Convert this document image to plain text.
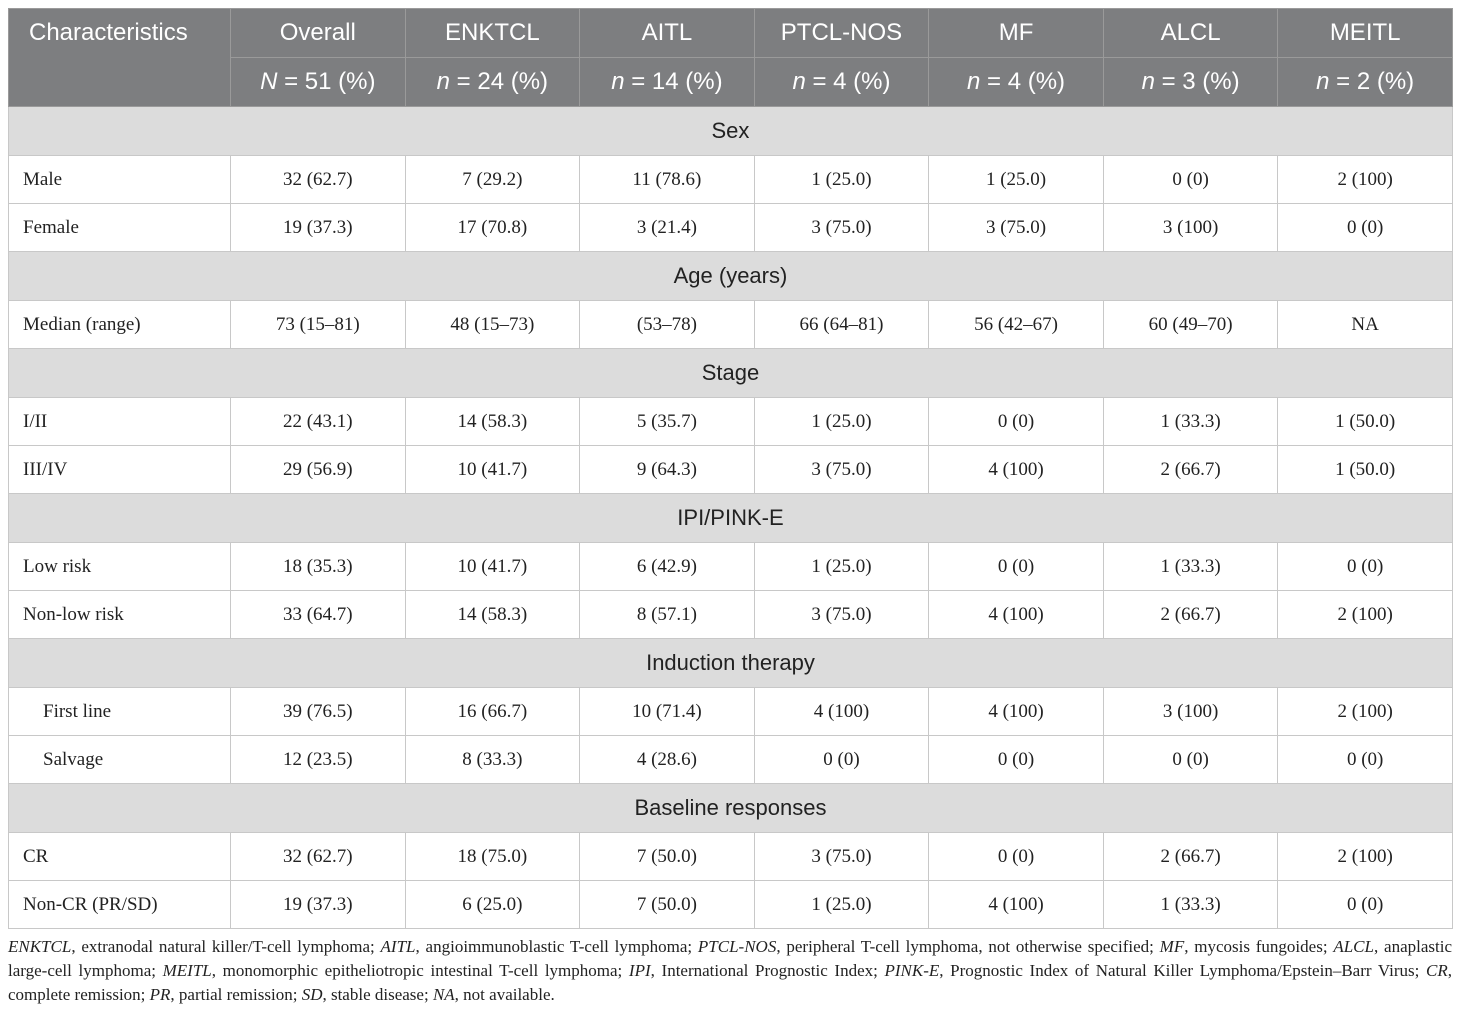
Characteristics	Overall	ENKTCL	AITL	PTCL-NOS	MF	ALCL	MEITL
	N = 51 (%)	n = 24 (%)	n = 14 (%)	n = 4 (%)	n = 4 (%)	n = 3 (%)	n = 2 (%)
Sex							
Male	32 (62.7)	7 (29.2)	11 (78.6)	1 (25.0)	1 (25.0)	0 (0)	2 (100)
Female	19 (37.3)	17 (70.8)	3 (21.4)	3 (75.0)	3 (75.0)	3 (100)	0 (0)
Age (years)							
Median (range)	73 (15–81)	48 (15–73)	(53–78)	66 (64–81)	56 (42–67)	60 (49–70)	NA
Stage							
I/II	22 (43.1)	14 (58.3)	5 (35.7)	1 (25.0)	0 (0)	1 (33.3)	1 (50.0)
III/IV	29 (56.9)	10 (41.7)	9 (64.3)	3 (75.0)	4 (100)	2 (66.7)	1 (50.0)
IPI/PINK-E							
Low risk	18 (35.3)	10 (41.7)	6 (42.9)	1 (25.0)	0 (0)	1 (33.3)	0 (0)
Non-low risk	33 (64.7)	14 (58.3)	8 (57.1)	3 (75.0)	4 (100)	2 (66.7)	2 (100)
Induction therapy							
First line	39 (76.5)	16 (66.7)	10 (71.4)	4 (100)	4 (100)	3 (100)	2 (100)
Salvage	12 (23.5)	8 (33.3)	4 (28.6)	0 (0)	0 (0)	0 (0)	0 (0)
Baseline responses							
CR	32 (62.7)	18 (75.0)	7 (50.0)	3 (75.0)	0 (0)	2 (66.7)	2 (100)
Non-CR (PR/SD)	19 (37.3)	6 (25.0)	7 (50.0)	1 (25.0)	4 (100)	1 (33.3)	0 (0)
ENKTCL, extranodal natural killer/T-cell lymphoma; AITL, angioimmunoblastic T-cell lymphoma; PTCL-NOS, peripheral T-cell lymphoma, not otherwise specified; MF, mycosis fungoides; ALCL, anaplastic large-cell lymphoma; MEITL, monomorphic epitheliotropic intestinal T-cell lymphoma; IPI, International Prognostic Index; PINK-E, Prognostic Index of Natural Killer Lymphoma/Epstein–Barr Virus; CR, complete remission; PR, partial remission; SD, stable disease; NA, not available.
